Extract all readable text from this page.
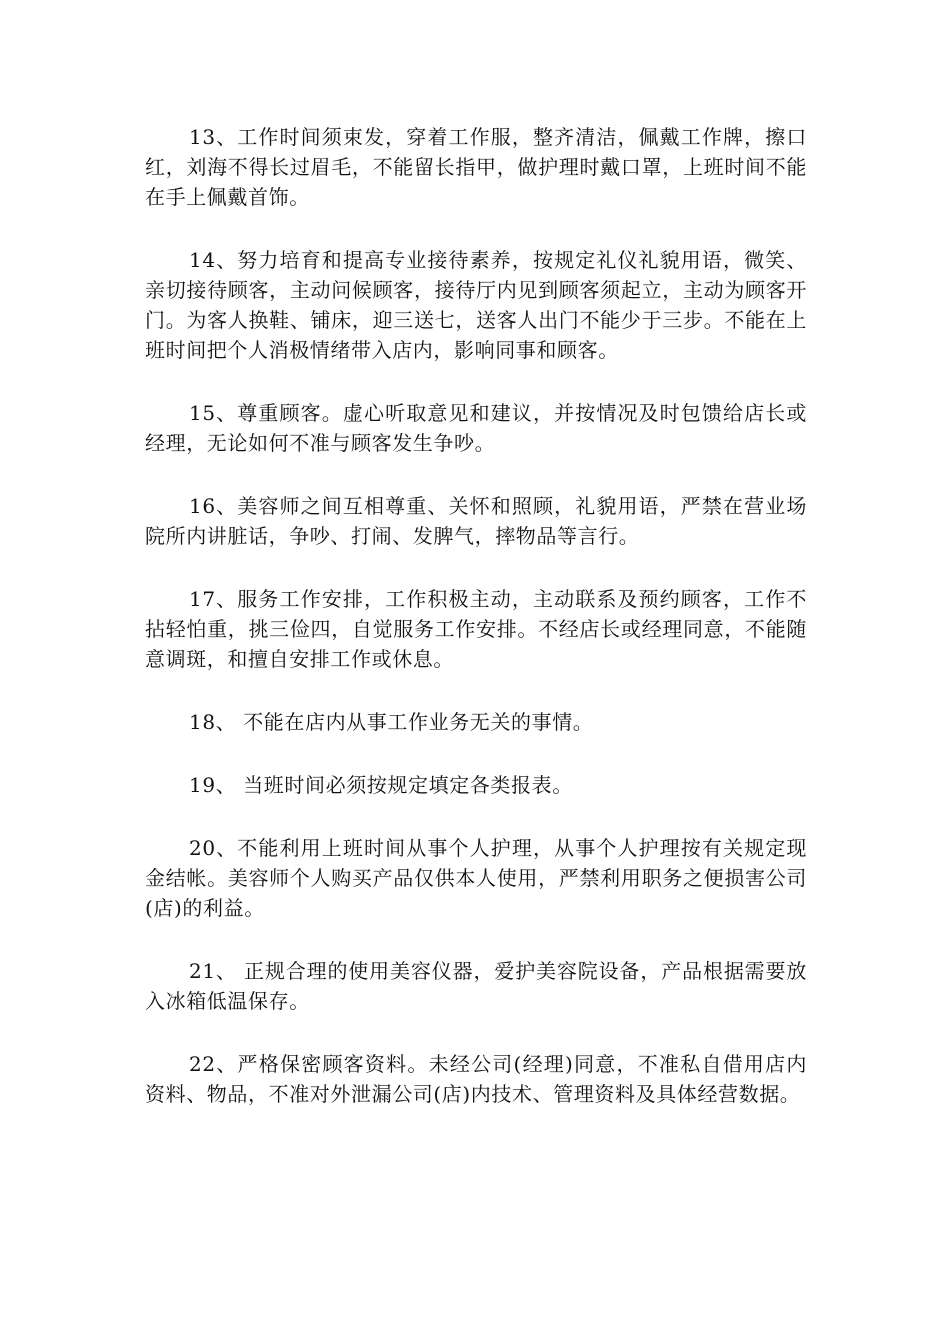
13、工作时间须束发，穿着工作服，整齐清洁，佩戴工作牌，擦口红，刘海不得长过眉毛，不能留长指甲，做护理时戴口罩，上班时间不能在手上佩戴首饰。

14、努力培育和提高专业接待素养，按规定礼仪礼貌用语，微笑、亲切接待顾客，主动问候顾客，接待厅内见到顾客须起立，主动为顾客开门。为客人换鞋、铺床，迎三送七，送客人出门不能少于三步。不能在上班时间把个人消极情绪带入店内，影响同事和顾客。

15、尊重顾客。虚心听取意见和建议，并按情况及时包馈给店长或经理，无论如何不准与顾客发生争吵。

16、美容师之间互相尊重、关怀和照顾，礼貌用语，严禁在营业场院所内讲脏话，争吵、打闹、发脾气，摔物品等言行。

17、服务工作安排，工作积极主动，主动联系及预约顾客，工作不拈轻怕重，挑三俭四，自觉服务工作安排。不经店长或经理同意，不能随意调斑，和擅自安排工作或休息。

18、 不能在店内从事工作业务无关的事情。

19、 当班时间必须按规定填定各类报表。

20、不能利用上班时间从事个人护理，从事个人护理按有关规定现金结帐。美容师个人购买产品仅供本人使用，严禁利用职务之便损害公司(店)的利益。

21、 正规合理的使用美容仪器，爱护美容院设备，产品根据需要放入冰箱低温保存。

22、严格保密顾客资料。未经公司(经理)同意，不准私自借用店内资料、物品，不准对外泄漏公司(店)内技术、管理资料及具体经营数据。
